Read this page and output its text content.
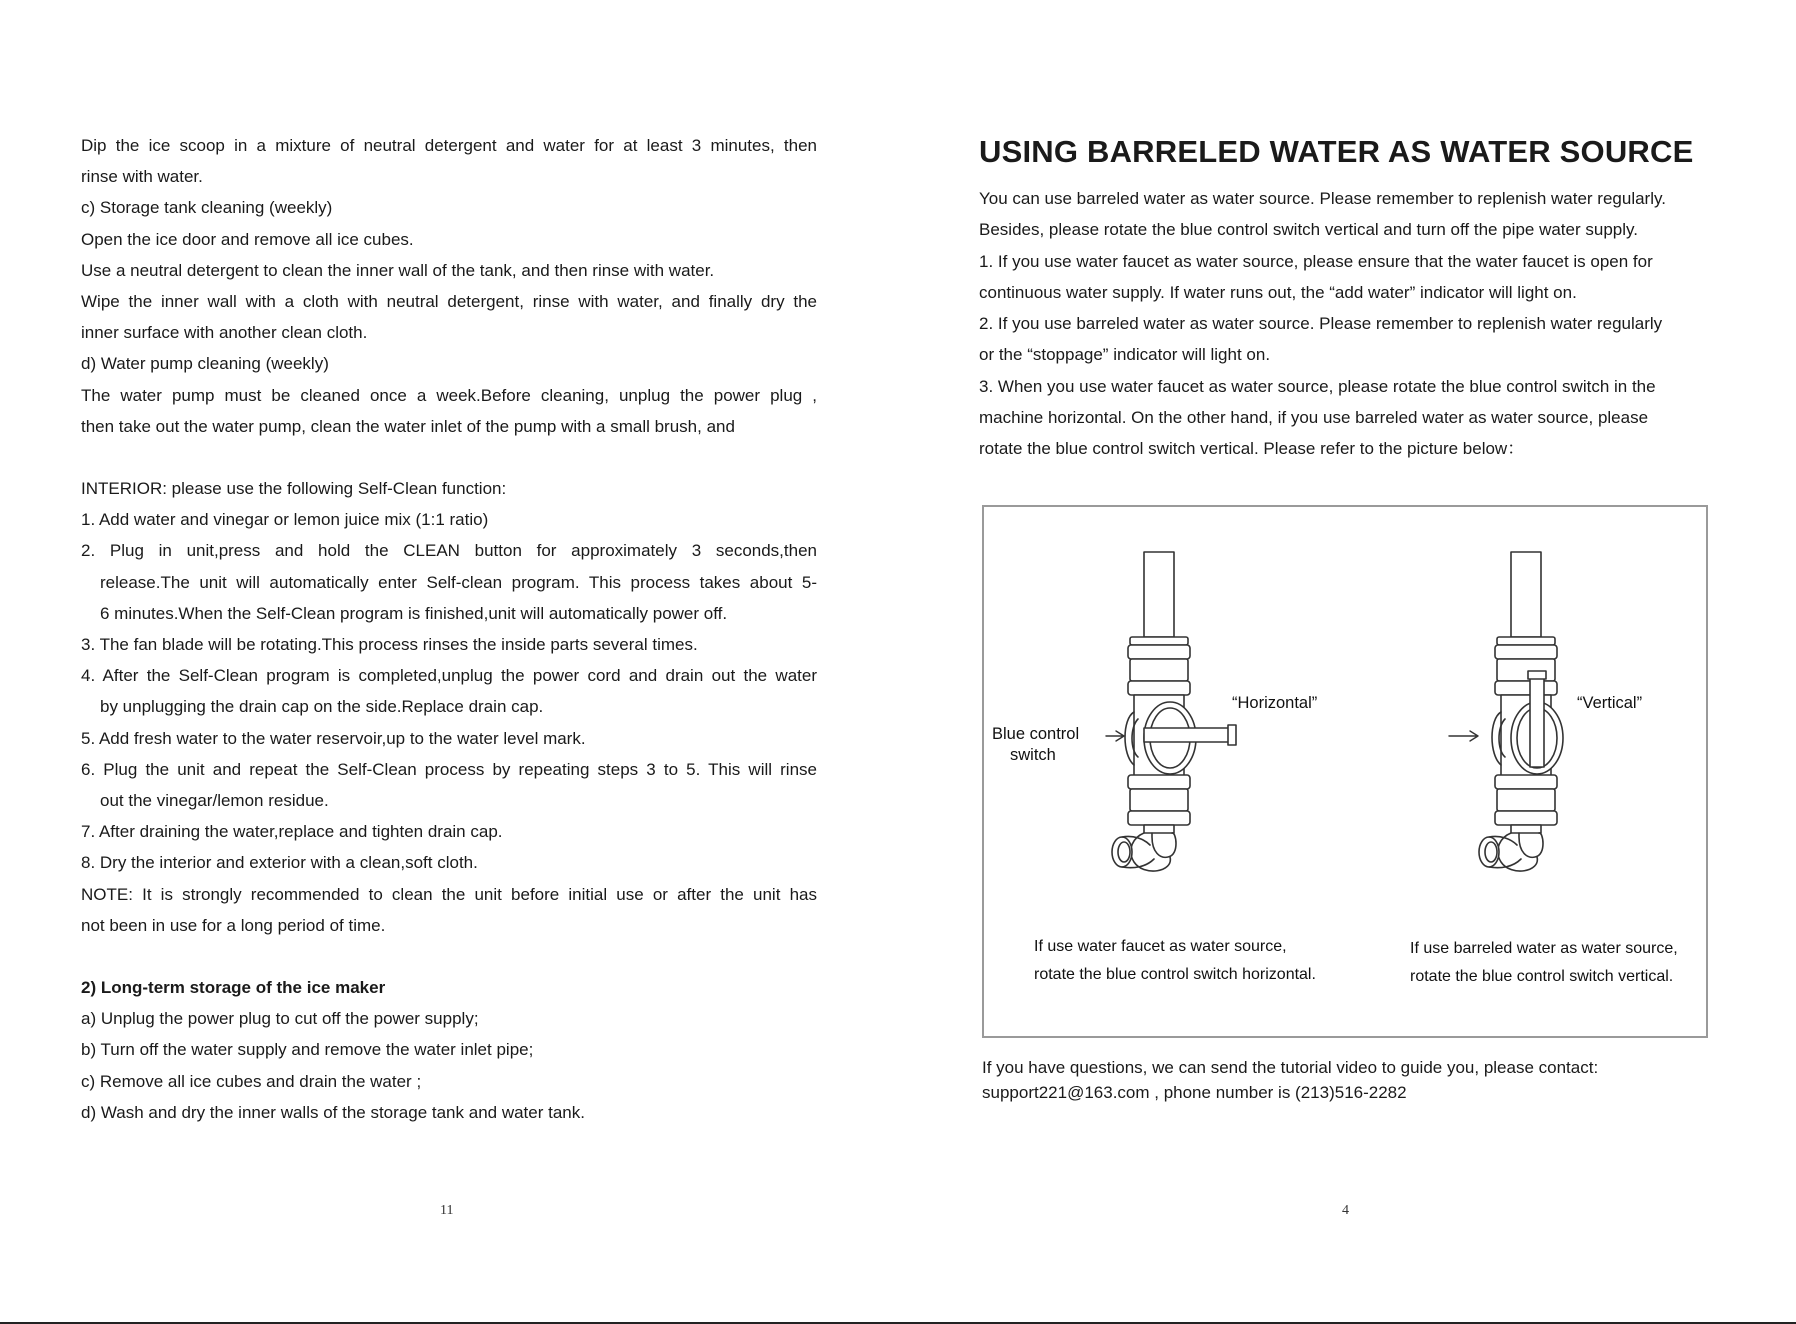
Dip the ice scoop in a mixture of neutral detergent and water for at least 3 minutes, then

rinse with water.

c) Storage tank cleaning (weekly)

Open the ice door and remove all ice cubes.

Use a neutral detergent to clean the inner wall of the tank, and then rinse with water.

Wipe the inner wall with a cloth with neutral detergent, rinse with water, and finally dry the

inner surface with another clean cloth.

d) Water pump cleaning (weekly)

The water pump must be cleaned once a week.Before cleaning, unplug the power plug ,

then take out the water pump, clean the water inlet of the pump with a small brush, and

INTERIOR: please use the following Self-Clean function:

1. Add water and vinegar or lemon juice mix (1:1 ratio)

2. Plug in unit,press and hold the CLEAN button for approximately 3 seconds,then

release.The unit will automatically enter Self-clean program. This process takes about 5-

6 minutes.When the Self-Clean program is finished,unit will automatically power off.

3. The fan blade will be rotating.This process rinses the inside parts several times.

4. After the Self-Clean program is completed,unplug the power cord and drain out the water

by unplugging the drain cap on the side.Replace drain cap.

5. Add fresh water to the water reservoir,up to the water level mark.

6. Plug the unit and repeat the Self-Clean process by repeating steps 3 to 5. This will rinse

out the vinegar/lemon residue.

7. After draining the water,replace and tighten drain cap.

8. Dry the interior and exterior with a clean,soft cloth.

NOTE: It is strongly recommended to clean the unit before initial use or after the unit has

not been in use for a long period of time.

2) Long-term storage of the ice maker

a) Unplug the power plug to cut off the power supply;

b) Turn off the water supply and remove the water inlet pipe;

c) Remove all ice cubes and drain the water ;

d) Wash and dry the inner walls of the storage tank and water tank.

11
USING BARRELED WATER AS WATER SOURCE

You can use barreled water as water source. Please remember to replenish water regularly.

Besides, please rotate the blue control switch vertical and turn off the pipe water supply.

1. If you use water faucet as water source, please ensure that the water faucet is open for

continuous water supply. If water runs out, the “add water” indicator will light on.

2. If you use barreled water as water source. Please remember to replenish water regularly

or the “stoppage” indicator will light on.

3. When you use water faucet as water source, please rotate the blue control switch in the

machine horizontal. On the other hand, if you use barreled water as water source, please

rotate the blue control switch vertical. Please refer to the picture below：

Blue control
switch
“Horizontal”	“Vertical”
If use water faucet as water source,
rotate the blue control switch horizontal.
If use barreled water as water source,
rotate the blue control switch vertical.

If you have questions, we can send the tutorial video to guide you, please contact:

support221@163.com , phone number is (213)516-2282

4
